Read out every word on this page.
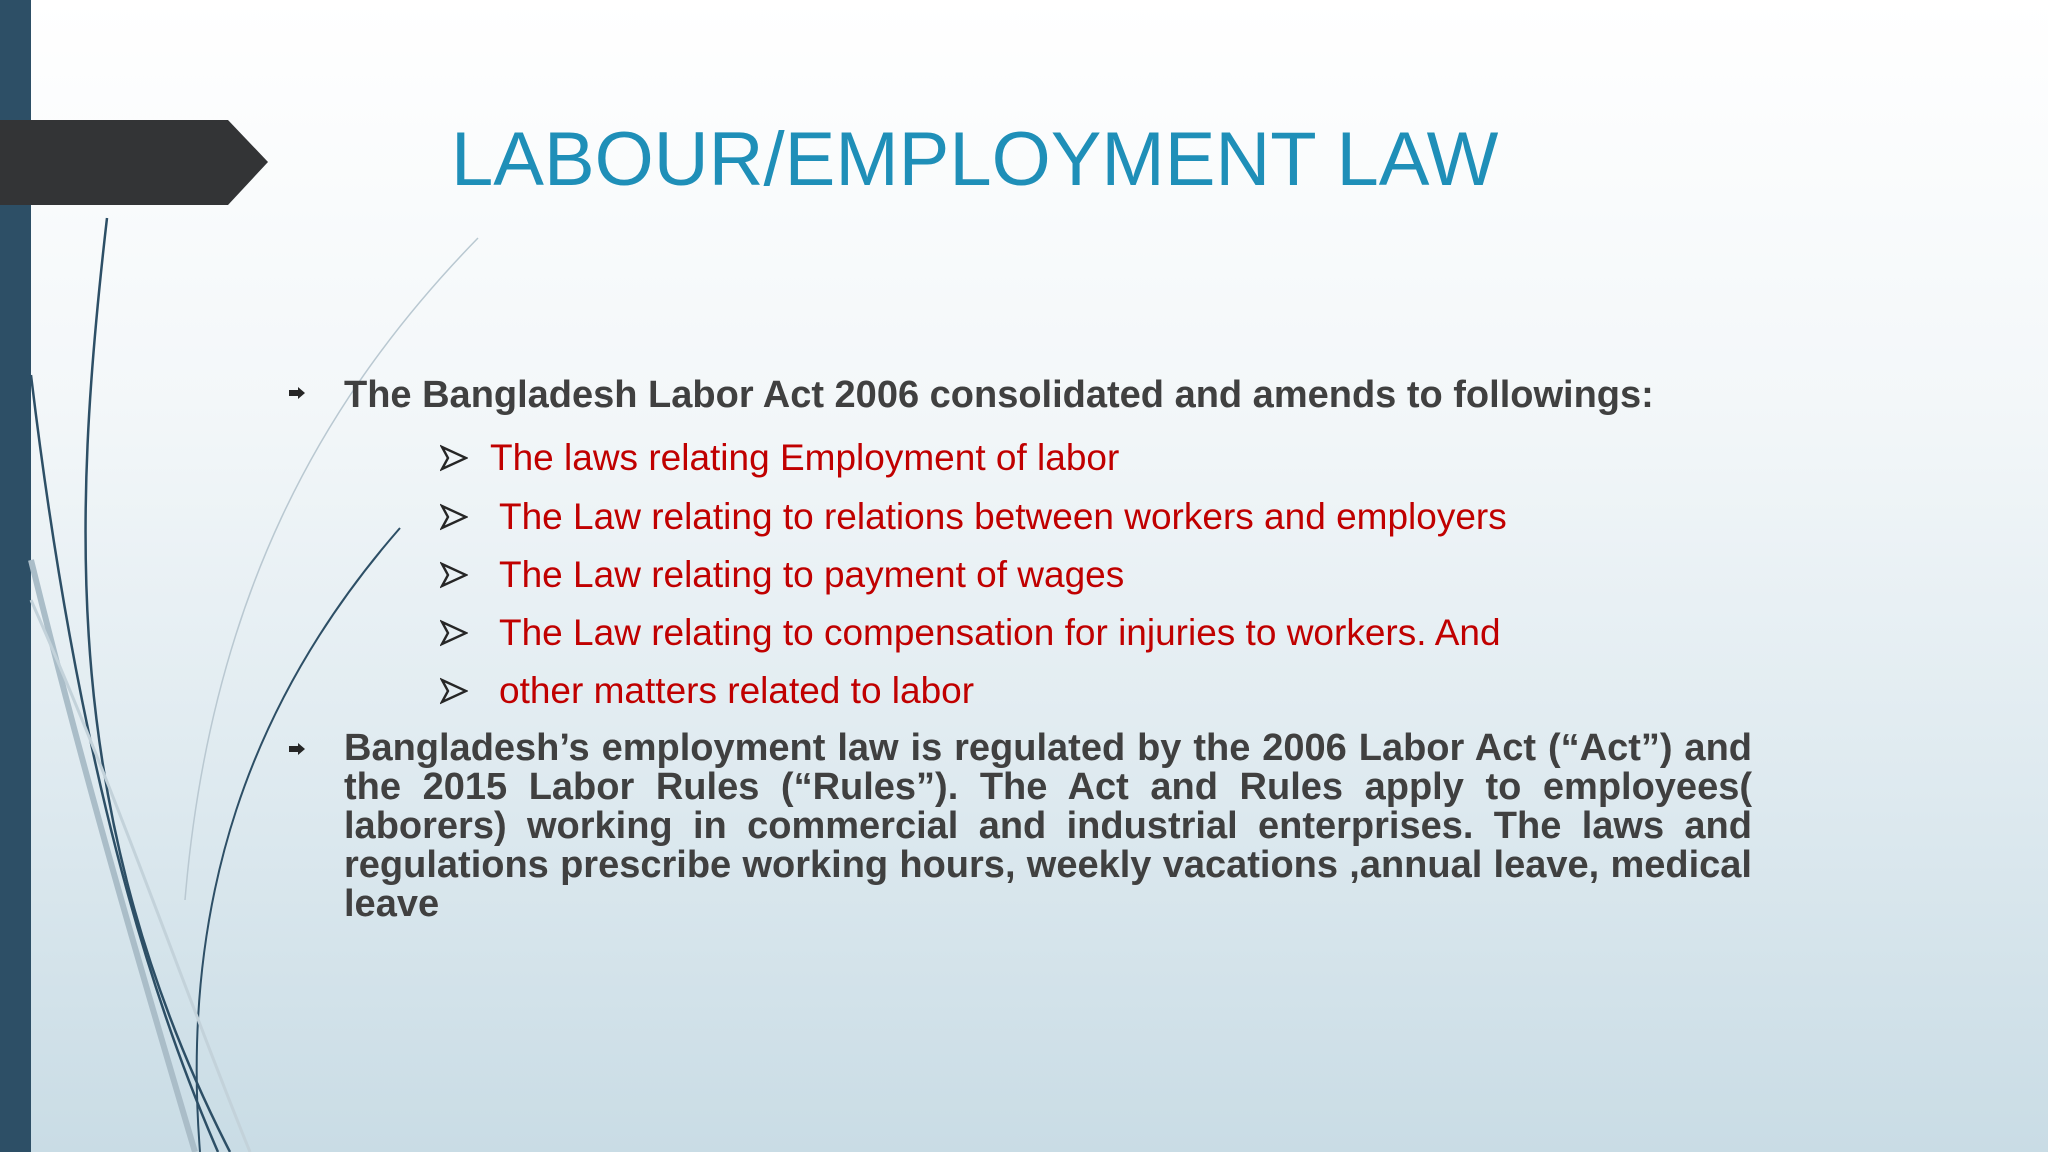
LABOUR/EMPLOYMENT LAW

The Bangladesh Labor Act 2006 consolidated and amends to followings:

The laws relating Employment of labor
The Law relating to relations between workers and employers
The Law relating to payment of wages
The Law relating to compensation for injuries to workers. And
other matters related to labor

Bangladesh’s employment law is regulated by the 2006 Labor Act (“Act”) and the 2015 Labor Rules (“Rules”). The Act and Rules apply to employees( laborers) working in commercial and industrial enterprises. The laws and regulations prescribe working hours, weekly vacations ,annual leave, medical leave
